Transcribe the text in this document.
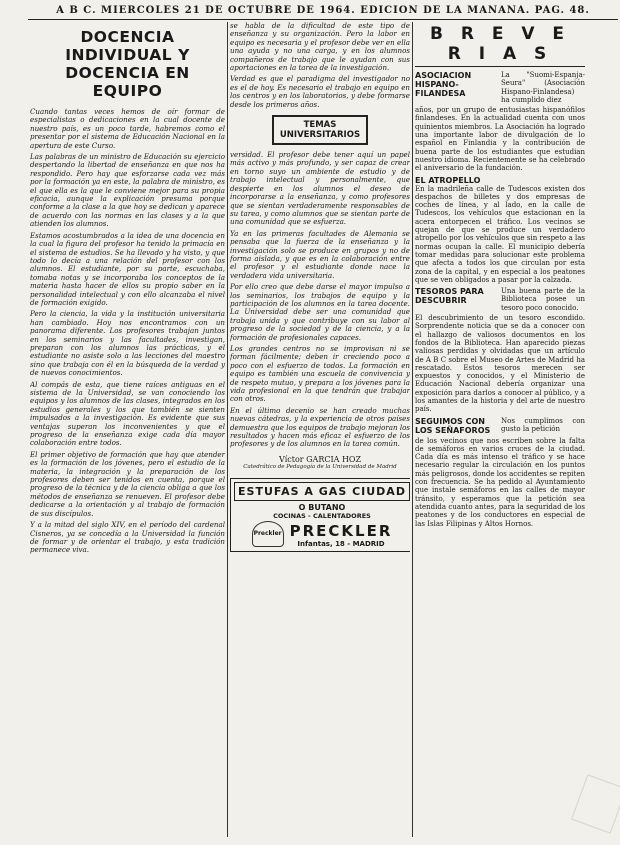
A B C. MIERCOLES 21 DE OCTUBRE DE 1964. EDICION DE LA MAÑANA. PAG. 48.
DOCENCIA INDIVIDUAL Y DOCENCIA EN EQUIPO

Cuando tantas veces hemos de oír formar de especialistas o dedicaciones en la cual docente de nuestro país, es un poco tarde, habremos como el presentar por el sistema de Educación Nacional en la apertura de este Curso.

Las palabras de un ministro de Educación su ejercicio despertando la libertad de enseñanza en que nos ha respondido. Pero hay que esforzarse cada vez más por la formación ya en este, la palabra de ministro, es el que ella es la que le conviene mejor para su propia eficacia, aunque la explicación presuma porque conforme a la clase a la que hoy se dedican y aparece de acuerdo con las normas en las clases y a la que atienden los alumnos.

Estamos acostumbrados a la idea de una docencia en la cual la figura del profesor ha tenido la primacía en el sistema de estudios. Se ha llevado y ha visto, y que todo lo decía a una relación del profesor con los alumnos. El estudiante, por su parte, escuchaba, tomaba notas y se incorporaba los conceptos de la materia hasta hacer de ellos su propio saber en la personalidad intelectual y con ello alcanzaba el nivel de formación exigido.

Pero la ciencia, la vida y la institución universitaria han cambiado. Hoy nos encontramos con un panorama diferente. Los profesores trabajan juntos en los seminarios y las facultades, investigan, preparan con los alumnos las prácticas, y el estudiante no asiste solo a las lecciones del maestro sino que trabaja con él en la búsqueda de la verdad y de nuevos conocimientos.

Al compás de esta, que tiene raíces antiguas en el sistema de la Universidad, se van conociendo los equipos y los alumnos de las clases, integrados en los estudios generales y los que también se sienten impulsados a la investigación. Es evidente que sus ventajas superan los inconvenientes y que el progreso de la enseñanza exige cada día mayor colaboración entre todos.

El primer objetivo de formación que hay que atender es la formación de los jóvenes, pero el estudio de la materia, la integración y la preparación de los profesores deben ser tenidos en cuenta, porque el progreso de la técnica y de la ciencia obliga a que los métodos de enseñanza se renueven. El profesor debe dedicarse a la orientación y al trabajo de formación de sus discípulos.

Y a la mitad del siglo XIV, en el período del cardenal Cisneros, ya se concedía a la Universidad la función de formar y de orientar el trabajo, y esta tradición permanece viva.

se habla de la dificultad de este tipo de enseñanza y su organización. Pero la labor en equipo es necesaria y el profesor debe ver en ella una ayuda y no una carga, y en los alumnos compañeros de trabajo que le ayudan con sus aportaciones en la tarea de la investigación.

Verdad es que el paradigma del investigador no es el de hoy. Es necesario el trabajo en equipo en los centros y en los laboratorios, y debe formarse desde los primeros años.

TEMAS UNIVERSITARIOS

versidad. El profesor debe tener aquí un papel más activo y más profundo, y ser capaz de crear en torno suyo un ambiente de estudio y de trabajo intelectual y personalmente, que despierte en los alumnos el deseo de incorporarse a la enseñanza, y como profesores que se sientan verdaderamente responsables de su tarea, y como alumnos que se sientan parte de una comunidad que se esfuerza.

Ya en las primeras facultades de Alemania se pensaba que la fuerza de la enseñanza y la investigación solo se produce en grupos y no de forma aislada, y que es en la colaboración entre el profesor y el estudiante donde nace la verdadera vida universitaria.

Por ello creo que debe darse el mayor impulso a los seminarios, los trabajos de equipo y la participación de los alumnos en la tarea docente. La Universidad debe ser una comunidad que trabaja unida y que contribuye con su labor al progreso de la sociedad y de la ciencia, y a la formación de profesionales capaces.

Los grandes centros no se improvisan ni se forman fácilmente; deben ir creciendo poco a poco con el esfuerzo de todos. La formación en equipo es también una escuela de convivencia y de respeto mutuo, y prepara a los jóvenes para la vida profesional en la que tendrán que trabajar con otros.

En el último decenio se han creado muchas nuevas cátedras, y la experiencia de otros países demuestra que los equipos de trabajo mejoran los resultados y hacen más eficaz el esfuerzo de los profesores y de los alumnos en la tarea común.

Víctor GARCIA HOZ
Catedrático de Pedagogía de la Universidad de Madrid
ESTUFAS A GAS CIUDAD
O BUTANO
COCINAS - CALENTADORES
Preckler PRECKLER
Infantas, 18 - MADRID
B R E V E R I A S
ASOCIACION HISPANO-FILANDESA

La "Suomi-Espanja-Seura" (Asociación Hispano-Finlandesa) ha cumplido diez

años, por un grupo de entusiastas hispanófilos finlandeses. En la actualidad cuenta con unos quinientos miembros. La Asociación ha logrado una importante labor de divulgación de lo español en Finlandia y la contribución de buena parte de los estudiantes que estudian nuestro idioma. Recientemente se ha celebrado el aniversario de la fundación.

EL ATROPELLO

En la madrileña calle de Tudescos existen dos despachos de billetes y dos empresas de coches de línea, y al lado, en la calle de Tudescos, los vehículos que estacionan en la acera entorpecen el tráfico. Los vecinos se quejan de que se produce un verdadero atropello por los vehículos que sin respeto a las normas ocupan la calle. El municipio debería tomar medidas para solucionar este problema que afecta a todos los que circulan por esta zona de la capital, y en especial a los peatones que se ven obligados a pasar por la calzada.

TESOROS PARA DESCUBRIR

Una buena parte de la Biblioteca posee un tesoro poco conocido.

El descubrimiento de un tesoro escondido. Sorprendente noticia que se da a conocer con el hallazgo de valiosos documentos en los fondos de la Biblioteca. Han aparecido piezas valiosas perdidas y olvidadas que un artículo de A B C sobre el Museo de Artes de Madrid ha rescatado. Estos tesoros merecen ser expuestos y conocidos, y el Ministerio de Educación Nacional debería organizar una exposición para darlos a conocer al público, y a los amantes de la historia y del arte de nuestro país.

SEGUIMOS CON LOS SEÑAFOROS

Nos cumplimos con gusto la petición

de los vecinos que nos escriben sobre la falta de semáforos en varios cruces de la ciudad. Cada día es más intenso el tráfico y se hace necesario regular la circulación en los puntos más peligrosos, donde los accidentes se repiten con frecuencia. Se ha pedido al Ayuntamiento que instale semáforos en las calles de mayor tránsito, y esperamos que la petición sea atendida cuanto antes, para la seguridad de los peatones y de los conductores en especial de las Islas Filipinas y Altos Hornos.
